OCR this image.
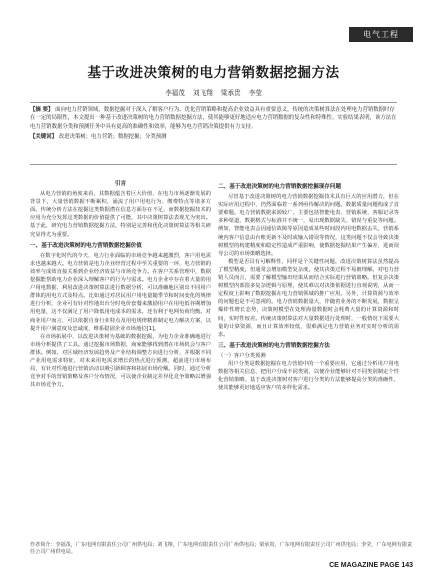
电气工程
基于改进决策树的电力营销数据挖掘方法
李福茂 刘飞翔 梁承贵 李莹
【摘 要】 面向电力营销领域，数据挖掘对于深入了解客户行为、优化营销策略和提高企业效益具有重要意义。传统的决策树算法在处理电力营销数据时存在一定的局限性，本文提出一种基于改进决策树的电力营销数据挖掘方法，使其能够更好地适应电力营销数据的复杂性和特殊性。实验结果表明，该方法在电力营销数据分类和预测任务中具有更高的准确性和效率，能够为电力营销决策提供有力支持。
【关键词】 改进决策树；电力营销；数据挖掘；分类预测
引言

从电力营销的角度来看，其数据蕴含着巨大价值，在电力市场逐渐发展的背景下，大量营销数据不断累积，涌流了用户用电行为、缴费特点等诸多方面。传统分析方法在挖掘这类数据潜在信息方面存在不足，而数据挖掘技术的应用为充分发挥这类数据的价值提供了可能，其中决策树算法表现尤为突出。基于此，研究电力营销数据挖掘方法，特别是完善和优化决策树算法等相关研究显得尤为重要。

一、基于改进决策树的电力营销数据挖掘价值

在数字化时代的今天，电力行业面临的市场竞争越来越激烈，客户用电需求也越来越大。电力营销是电力企业经营过程中至关重要的一环，电力营销的效率与成效直接关系到企业经济效益与市场竞争力。在客户关系管理中，数据挖掘能帮助电力企业深入理解客户的行为与需求。电力企业中存在着大量的用户用电数据，利用改进决策树算法进行数据分析，可以准确地区别出不同用户群体的用电方式及特点。比如通过对居民用户用电量随季节和时间变化的规律进行分析，企业可有针对性地出台分时电价套餐来激励用户在用电低谷期增加用电量，这不仅满足了用户降低用电成本的需求，还有利于电网负荷均衡。对商业用户而言，可以依据自身行业特点及用电规律精准制定电力解决方案，以提升用户满意度及忠诚度，维系稳固企业市场地位[1]。

在市场拓展中，以改进决策树为基础的数据挖掘，为电力企业准确地进行市场分析提供了工具。通过挖掘市场数据，商家能够找到潜在市场机会与客户群体。例如，对区域经济发展趋势及产业结构调整方向进行分析，并根据不同产业用电需求特征，对未来用电需求增长的热点进行预测，超前进行市场布局，有针对性地进行营销活动以吸引新顾客和拓展市场份额。同时，通过分析竞争对手的营销策略及客户分布情况，可以使企业制定差异化竞争策略以增强其市场竞争力。

二、基于改进决策树的电力营销数据挖掘现存问题

尽管基于改进决策树的电力营销数据挖掘技术具有巨大的应用潜力，但在实际应用过程中，仍然面临着一系列亟待解决的问题。数据质量问题构成了首要难题。电力营销数据来源较广，主要包括智能电表、营销系统、客服记录等多种渠道，数据格式与标准并不统一，易出现数据缺失、错误与重复等问题。例如，智能电表会因通信故障等原因造成某些时间段内用电数据丢失，营销系统内客户信息由台账更新不及时或输入错误等情况，这类问题不仅会导致决策树模型的构建精度和稳定性造成严重影响，使数据挖掘结果产生偏差，进而误导公司的市场策略选择。

模型是否具有可解释性，同样是个关键性问题。改进决策树算法虽然提高了模型精度，但通常会增加模型复杂度，使其决策过程不易被理解。对电力营销人员而言，需要了解模型输出结果从而结合实际进行营销策略。但复杂决策树模型内部很多复杂逻辑与原理，使其难以对决策依据进行直观说明，从而一定程度上影响了数据挖掘在电力营销领域的推广应用。另外，计算资源与效率的问题也是不可忽视的。电力营销数据量大，伴随着业务的不断发展，数据呈爆炸性增长态势，决策树模型在处理海量数据时会耗费大量的计算资源和时间，实时性较差。传统决策树算法对大量数据进行处理时，一般情况下需要大量的计算资源，而且计算效率较低，很难满足电力营销业务对实时分析的需求。

三、基于改进决策树的电力营销数据挖掘方法
（一）客户分类预测

用户分类是数据挖掘在电力营销中的一个重要应用，它通过分析用户用电数据等相关信息，把用户分成不同类别，以便企业能够针对不同类别制定个性化营销策略。基于改进决策树对客户进行分类的方法能够提高分类的准确性，使其能够更好地适应客户的多样化需求。

作者简介：李福茂，广东电网有限责任公司广州供电局；刘飞翔，广东电网有限责任公司广州供电局；梁承贵，广东电网有限责任公司广州供电局；李莹，广东电网有限责任公司广州供电局。
CE MAGAZINE PAGE 143
